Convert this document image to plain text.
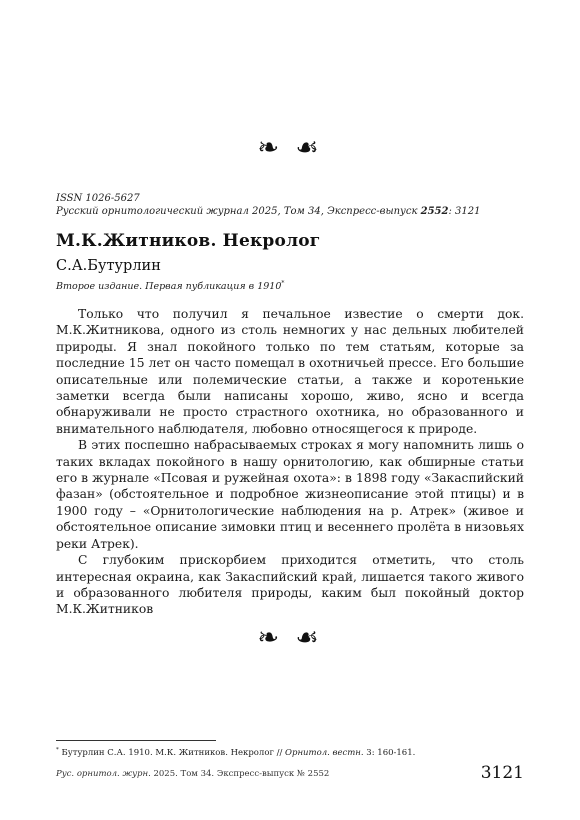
❧ ☙
ISSN 1026-5627
Русский орнитологический журнал 2025, Том 34, Экспресс-выпуск 2552: 3121
М.К.Житников. Некролог
С.А.Бутурлин
Второе издание. Первая публикация в 1910*

Только что получил я печальное известие о смерти док. М.К.Житникова, одного из столь немногих у нас дельных любителей природы. Я знал покойного только по тем статьям, которые за последние 15 лет он часто помещал в охотничьей прессе. Его большие описательные или полемические статьи, а также и коротенькие заметки всегда были написаны хорошо, живо, ясно и всегда обнаруживали не просто страстного охотника, но образованного и внимательного наблюдателя, любовно относящегося к природе.

В этих поспешно набрасываемых строках я могу напомнить лишь о таких вкладах покойного в нашу орнитологию, как обширные статьи его в журнале «Псовая и ружейная охота»: в 1898 году «Закаспийский фазан» (обстоятельное и подробное жизнеописание этой птицы) и в 1900 году – «Орнитологические наблюдения на р. Атрек» (живое и обстоятельное описание зимовки птиц и весеннего пролёта в низовьях реки Атрек).

С глубоким прискорбием приходится отметить, что столь интересная окраина, как Закаспийский край, лишается такого живого и образованного любителя природы, каким был покойный доктор М.К.Житников

❧ ☙
* Бутурлин С.А. 1910. М.К. Житников. Некролог // Орнитол. вестн. 3: 160-161.
Рус. орнитол. журн. 2025. Том 34. Экспресс-выпуск № 2552	3121
